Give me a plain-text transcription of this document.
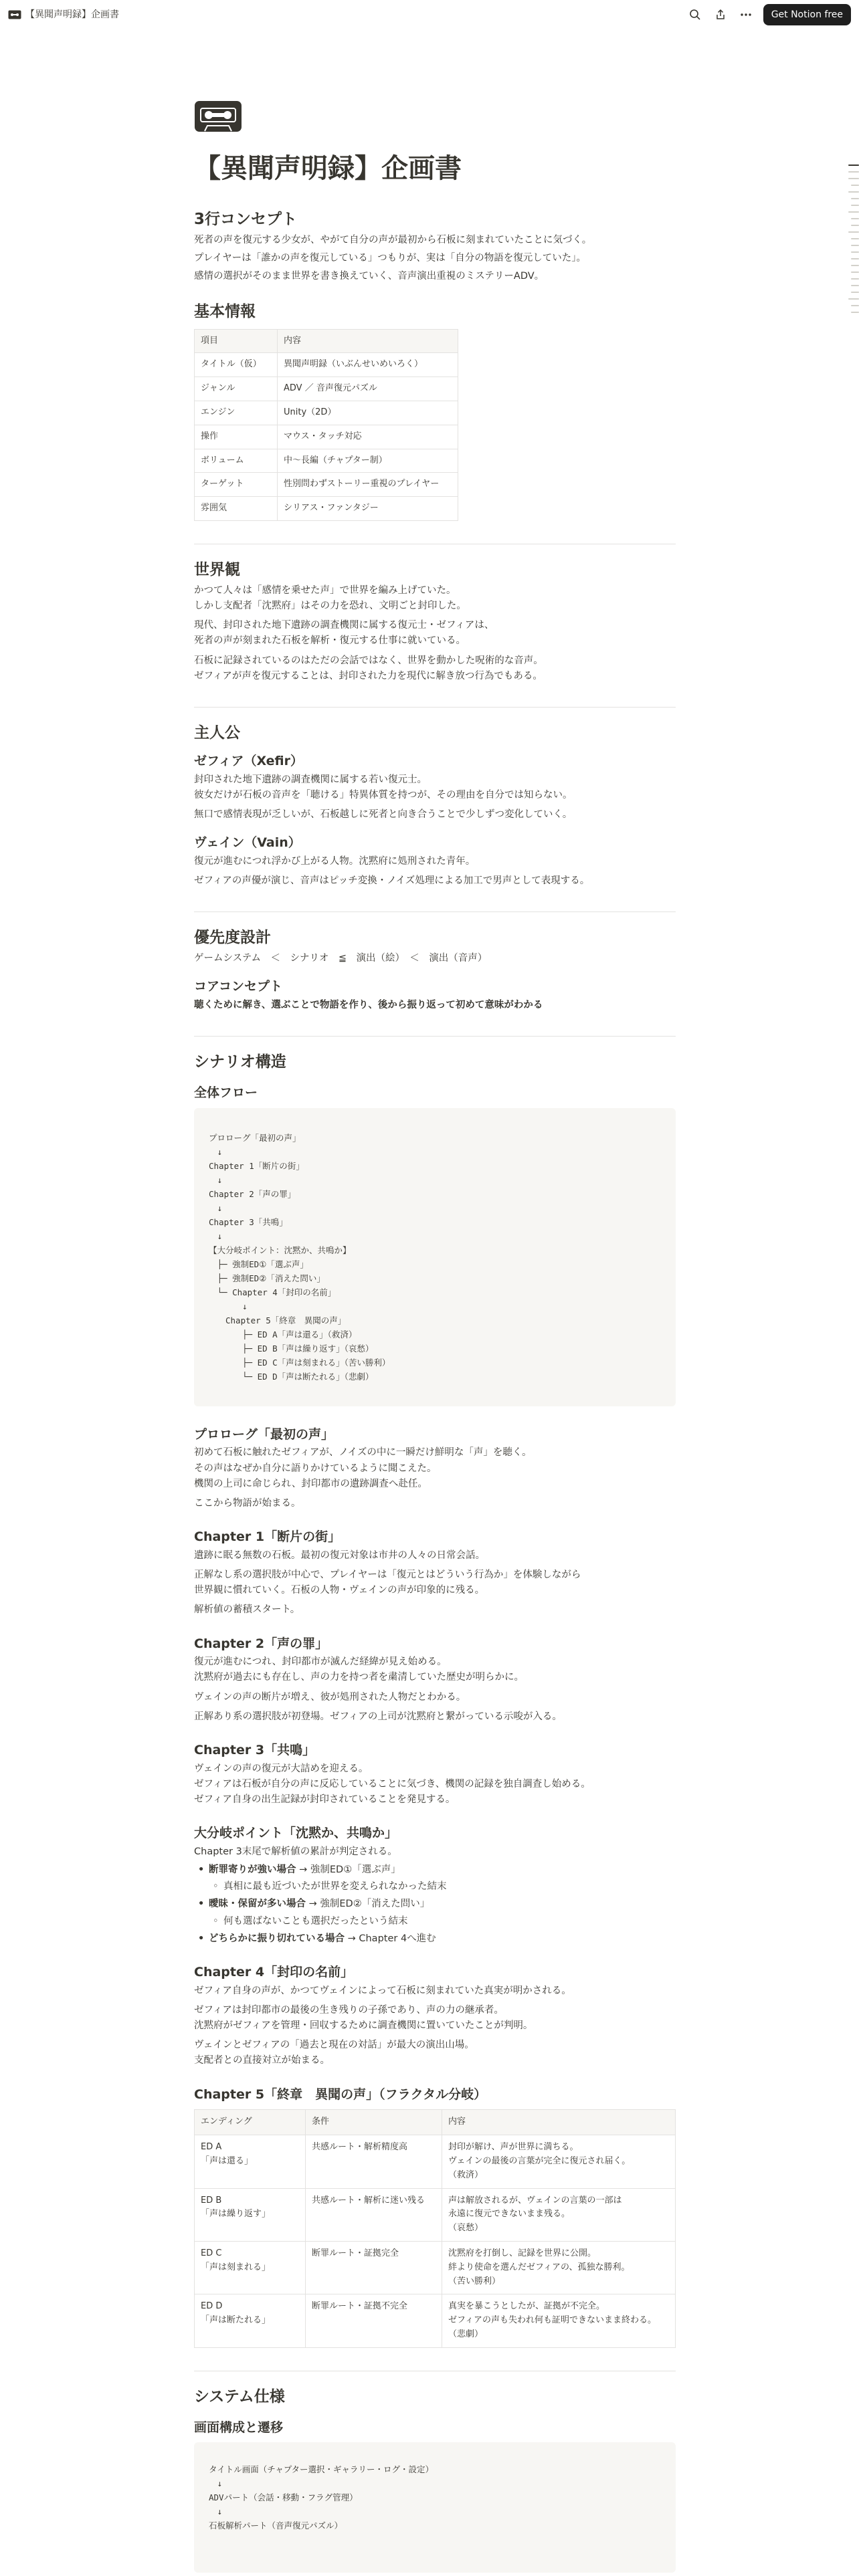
【異聞声明録】企画書	Get Notion free
【異聞声明録】企画書
3行コンセプト

死者の声を復元する少女が、やがて自分の声が最初から石板に刻まれていたことに気づく。

プレイヤーは「誰かの声を復元している」つもりが、実は「自分の物語を復元していた」。

感情の選択がそのまま世界を書き換えていく、音声演出重視のミステリーADV。

基本情報
項目	内容
タイトル（仮）	異聞声明録（いぶんせいめいろく）
ジャンル	ADV ／ 音声復元パズル
エンジン	Unity（2D）
操作	マウス・タッチ対応
ボリューム	中〜長編（チャプター制）
ターゲット	性別問わずストーリー重視のプレイヤー
雰囲気	シリアス・ファンタジー
世界観

かつて人々は「感情を乗せた声」で世界を編み上げていた。

しかし支配者「沈黙府」はその力を恐れ、文明ごと封印した。

現代、封印された地下遺跡の調査機関に属する復元士・ゼフィアは、

死者の声が刻まれた石板を解析・復元する仕事に就いている。

石板に記録されているのはただの会話ではなく、世界を動かした呪術的な音声。

ゼフィアが声を復元することは、封印された力を現代に解き放つ行為でもある。

主人公
ゼフィア（Xefir）

封印された地下遺跡の調査機関に属する若い復元士。

彼女だけが石板の音声を「聴ける」特異体質を持つが、その理由を自分では知らない。

無口で感情表現が乏しいが、石板越しに死者と向き合うことで少しずつ変化していく。

ヴェイン（Vain）

復元が進むにつれ浮かび上がる人物。沈黙府に処刑された青年。

ゼフィアの声優が演じ、音声はピッチ変換・ノイズ処理による加工で男声として表現する。

優先度設計

ゲームシステム　＜　シナリオ　≦　演出（絵）　＜　演出（音声）

コアコンセプト

聴くために解き、選ぶことで物語を作り、後から振り返って初めて意味がわかる

シナリオ構造
全体フロー
プロローグ「最初の声」
　↓
Chapter 1「断片の街」
　↓
Chapter 2「声の罪」
　↓
Chapter 3「共鳴」
　↓
【大分岐ポイント：沈黙か、共鳴か】
　├─ 強制ED①「選ぶ声」
　├─ 強制ED②「消えた問い」
　└─ Chapter 4「封印の名前」
　　　　↓
　　Chapter 5「終章　異聞の声」
　　　　├─ ED A「声は還る」（救済）
　　　　├─ ED B「声は繰り返す」（哀愁）
　　　　├─ ED C「声は刻まれる」（苦い勝利）
　　　　└─ ED D「声は断たれる」（悲劇）
プロローグ「最初の声」

初めて石板に触れたゼフィアが、ノイズの中に一瞬だけ鮮明な「声」を聴く。

その声はなぜか自分に語りかけているように聞こえた。

機関の上司に命じられ、封印都市の遺跡調査へ赴任。

ここから物語が始まる。

Chapter 1「断片の街」

遺跡に眠る無数の石板。最初の復元対象は市井の人々の日常会話。

正解なし系の選択肢が中心で、プレイヤーは「復元とはどういう行為か」を体験しながら

世界観に慣れていく。石板の人物・ヴェインの声が印象的に残る。

解析値の蓄積スタート。

Chapter 2「声の罪」

復元が進むにつれ、封印都市が滅んだ経緯が見え始める。

沈黙府が過去にも存在し、声の力を持つ者を粛清していた歴史が明らかに。

ヴェインの声の断片が増え、彼が処刑された人物だとわかる。

正解あり系の選択肢が初登場。ゼフィアの上司が沈黙府と繋がっている示唆が入る。

Chapter 3「共鳴」

ヴェインの声の復元が大詰めを迎える。

ゼフィアは石板が自分の声に反応していることに気づき、機関の記録を独自調査し始める。

ゼフィア自身の出生記録が封印されていることを発見する。

大分岐ポイント「沈黙か、共鳴か」

Chapter 3末尾で解析値の累計が判定される。

• 断罪寄りが強い場合 → 強制ED①「選ぶ声」
◦ 真相に最も近づいたが世界を変えられなかった結末
• 曖昧・保留が多い場合 → 強制ED②「消えた問い」
◦ 何も選ばないことも選択だったという結末
• どちらかに振り切れている場合 → Chapter 4へ進む
Chapter 4「封印の名前」

ゼフィア自身の声が、かつてヴェインによって石板に刻まれていた真実が明かされる。

ゼフィアは封印都市の最後の生き残りの子孫であり、声の力の継承者。

沈黙府がゼフィアを管理・回収するために調査機関に置いていたことが判明。

ヴェインとゼフィアの「過去と現在の対話」が最大の演出山場。

支配者との直接対立が始まる。

Chapter 5「終章　異聞の声」（フラクタル分岐）
エンディング	条件	内容
ED A
「声は還る」	共感ルート・解析精度高	封印が解け、声が世界に満ちる。
ヴェインの最後の言葉が完全に復元され届く。
（救済）
ED B
「声は繰り返す」	共感ルート・解析に迷い残る	声は解放されるが、ヴェインの言葉の一部は
永遠に復元できないまま残る。
（哀愁）
ED C
「声は刻まれる」	断罪ルート・証拠完全	沈黙府を打倒し、記録を世界に公開。
絆より使命を選んだゼフィアの、孤独な勝利。
（苦い勝利）
ED D
「声は断たれる」	断罪ルート・証拠不完全	真実を暴こうとしたが、証拠が不完全。
ゼフィアの声も失われ何も証明できないまま終わる。
（悲劇）
システム仕様
画面構成と遷移
タイトル画面（チャプター選択・ギャラリー・ログ・設定）
　↓
ADVパート（会話・移動・フラグ管理）
　↓
石板解析パート（音声復元パズル）
